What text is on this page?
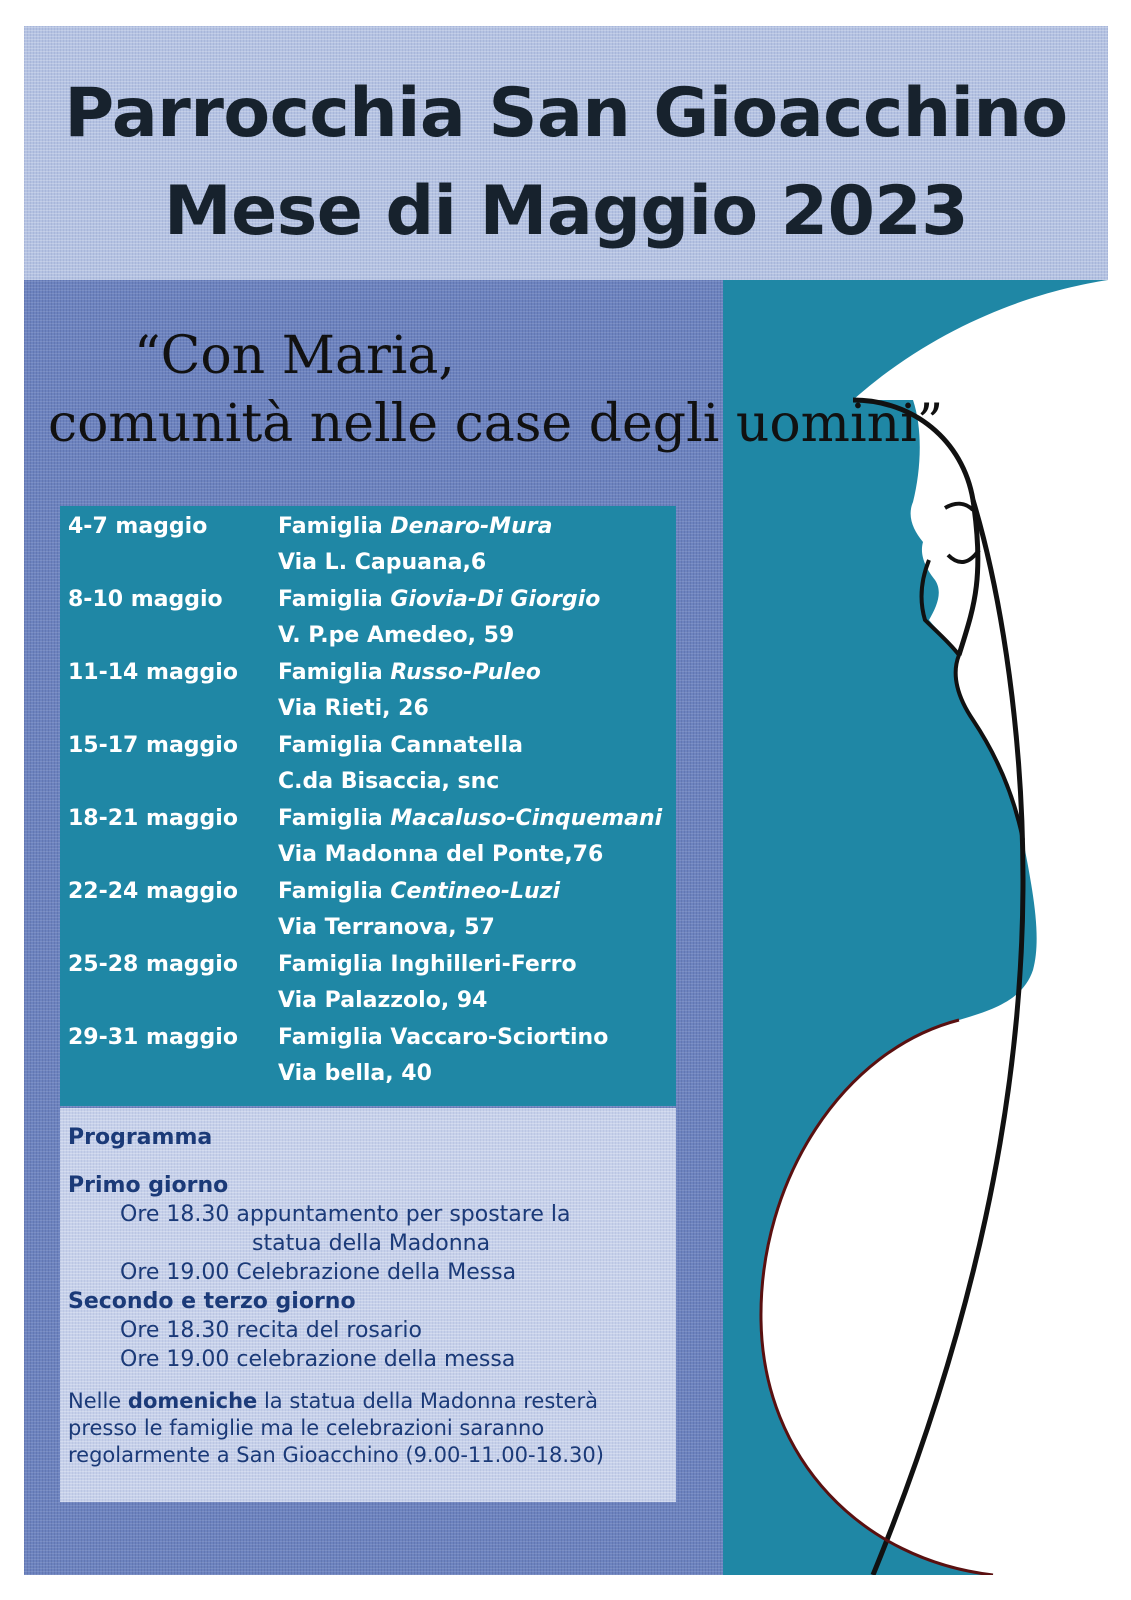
Parrocchia San Gioacchino
Mese di Maggio 2023
“Con Maria,
comunità nelle case degli uomini”
4-7 maggio	Famiglia Denaro-Mura
Via L. Capuana,6
8-10 maggio	Famiglia Giovia-Di Giorgio
V. P.pe Amedeo, 59
11-14 maggio Famiglia Russo-Puleo
Via Rieti, 26
15-17 maggio Famiglia Cannatella
C.da Bisaccia, snc
18-21 maggio Famiglia Macaluso-Cinquemani
Via Madonna del Ponte,76
22-24 maggio Famiglia Centineo-Luzi
Via Terranova, 57
25-28 maggio Famiglia Inghilleri-Ferro
Via Palazzolo, 94
29-31 maggio Famiglia Vaccaro-Sciortino
Via bella, 40
Programma
Primo giorno
Ore 18.30 appuntamento per spostare la
statua della Madonna
Ore 19.00 Celebrazione della Messa
Secondo e terzo giorno
Ore 18.30 recita del rosario
Ore 19.00 celebrazione della messa
Nelle domeniche la statua della Madonna resterà
presso le famiglie ma le celebrazioni saranno
regolarmente a San Gioacchino (9.00-11.00-18.30)
